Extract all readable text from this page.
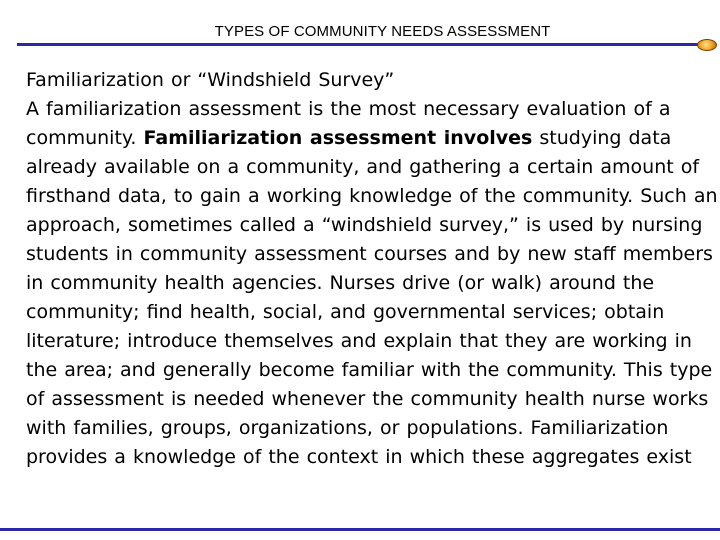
TYPES OF COMMUNITY NEEDS ASSESSMENT

Familiarization or “Windshield Survey”

A familiarization assessment is the most necessary evaluation of a community. Familiarization assessment involves studying data already available on a community, and gathering a certain amount of firsthand data, to gain a working knowledge of the community. Such an approach, sometimes called a “windshield survey,” is used by nursing students in community assessment courses and by new staff members in community health agencies. Nurses drive (or walk) around the community; find health, social, and governmental services; obtain literature; introduce themselves and explain that they are working in the area; and generally become familiar with the community. This type of assessment is needed whenever the community health nurse works with families, groups, organizations, or populations. Familiarization provides a knowledge of the context in which these aggregates exist
